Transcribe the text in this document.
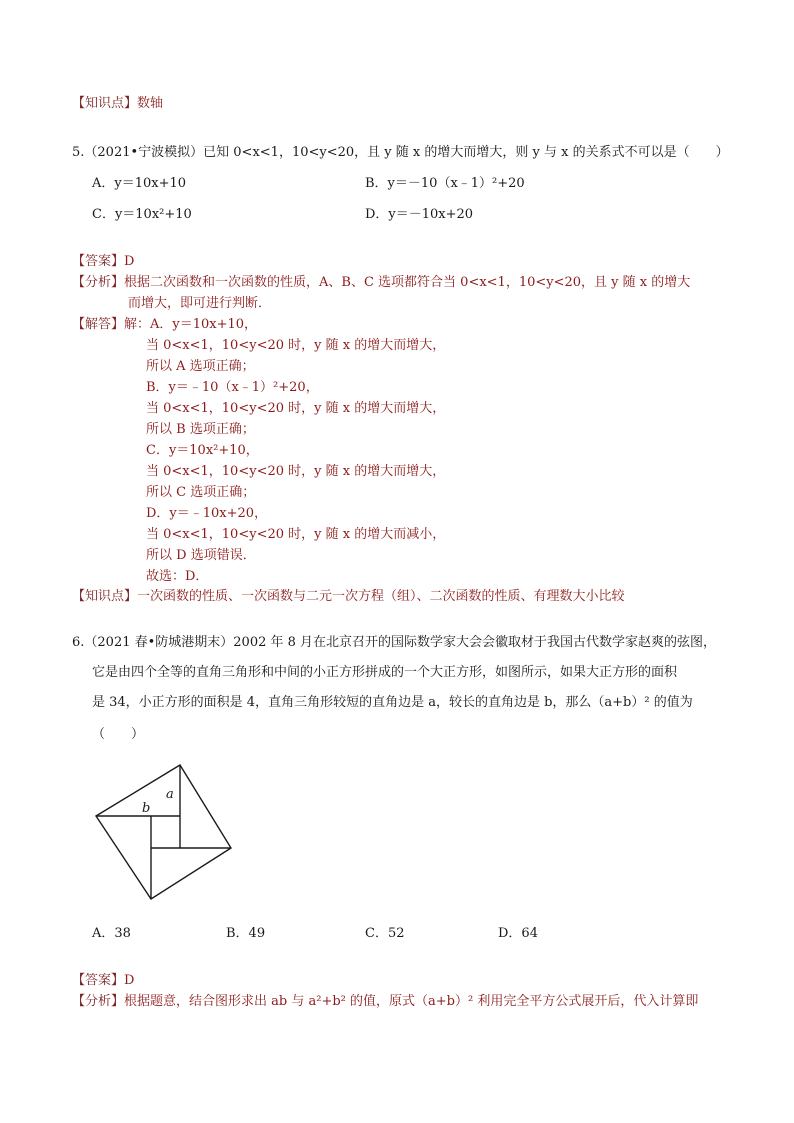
【知识点】数轴
5.（2021•宁波模拟）已知 0<x<1，10<y<20，且 y 随 x 的增大而增大，则 y 与 x 的关系式不可以是（　　）
A．y＝10x+10	B．y＝－10（x﹣1）²+20
C．y＝10x²+10	D．y＝－10x+20
【答案】D
【分析】根据二次函数和一次函数的性质，A、B、C 选项都符合当 0<x<1，10<y<20，且 y 随 x 的增大
而增大，即可进行判断．
【解答】解：A．y＝10x+10，
当 0<x<1，10<y<20 时，y 随 x 的增大而增大，
所以 A 选项正确；
B．y＝﹣10（x﹣1）²+20，
当 0<x<1，10<y<20 时，y 随 x 的增大而增大，
所以 B 选项正确；
C．y＝10x²+10，
当 0<x<1，10<y<20 时，y 随 x 的增大而增大，
所以 C 选项正确；
D．y＝﹣10x+20，
当 0<x<1，10<y<20 时，y 随 x 的增大而减小，
所以 D 选项错误．
故选：D．
【知识点】一次函数的性质、一次函数与二元一次方程（组）、二次函数的性质、有理数大小比较
6.（2021 春•防城港期末）2002 年 8 月在北京召开的国际数学家大会会徽取材于我国古代数学家赵爽的弦图，
它是由四个全等的直角三角形和中间的小正方形拼成的一个大正方形，如图所示，如果大正方形的面积
是 34，小正方形的面积是 4，直角三角形较短的直角边是 a，较长的直角边是 b，那么（a+b）² 的值为
（　　）
a
b
A．38	B．49	C．52	D．64
【答案】D
【分析】根据题意，结合图形求出 ab 与 a²+b² 的值，原式（a+b）² 利用完全平方公式展开后，代入计算即
